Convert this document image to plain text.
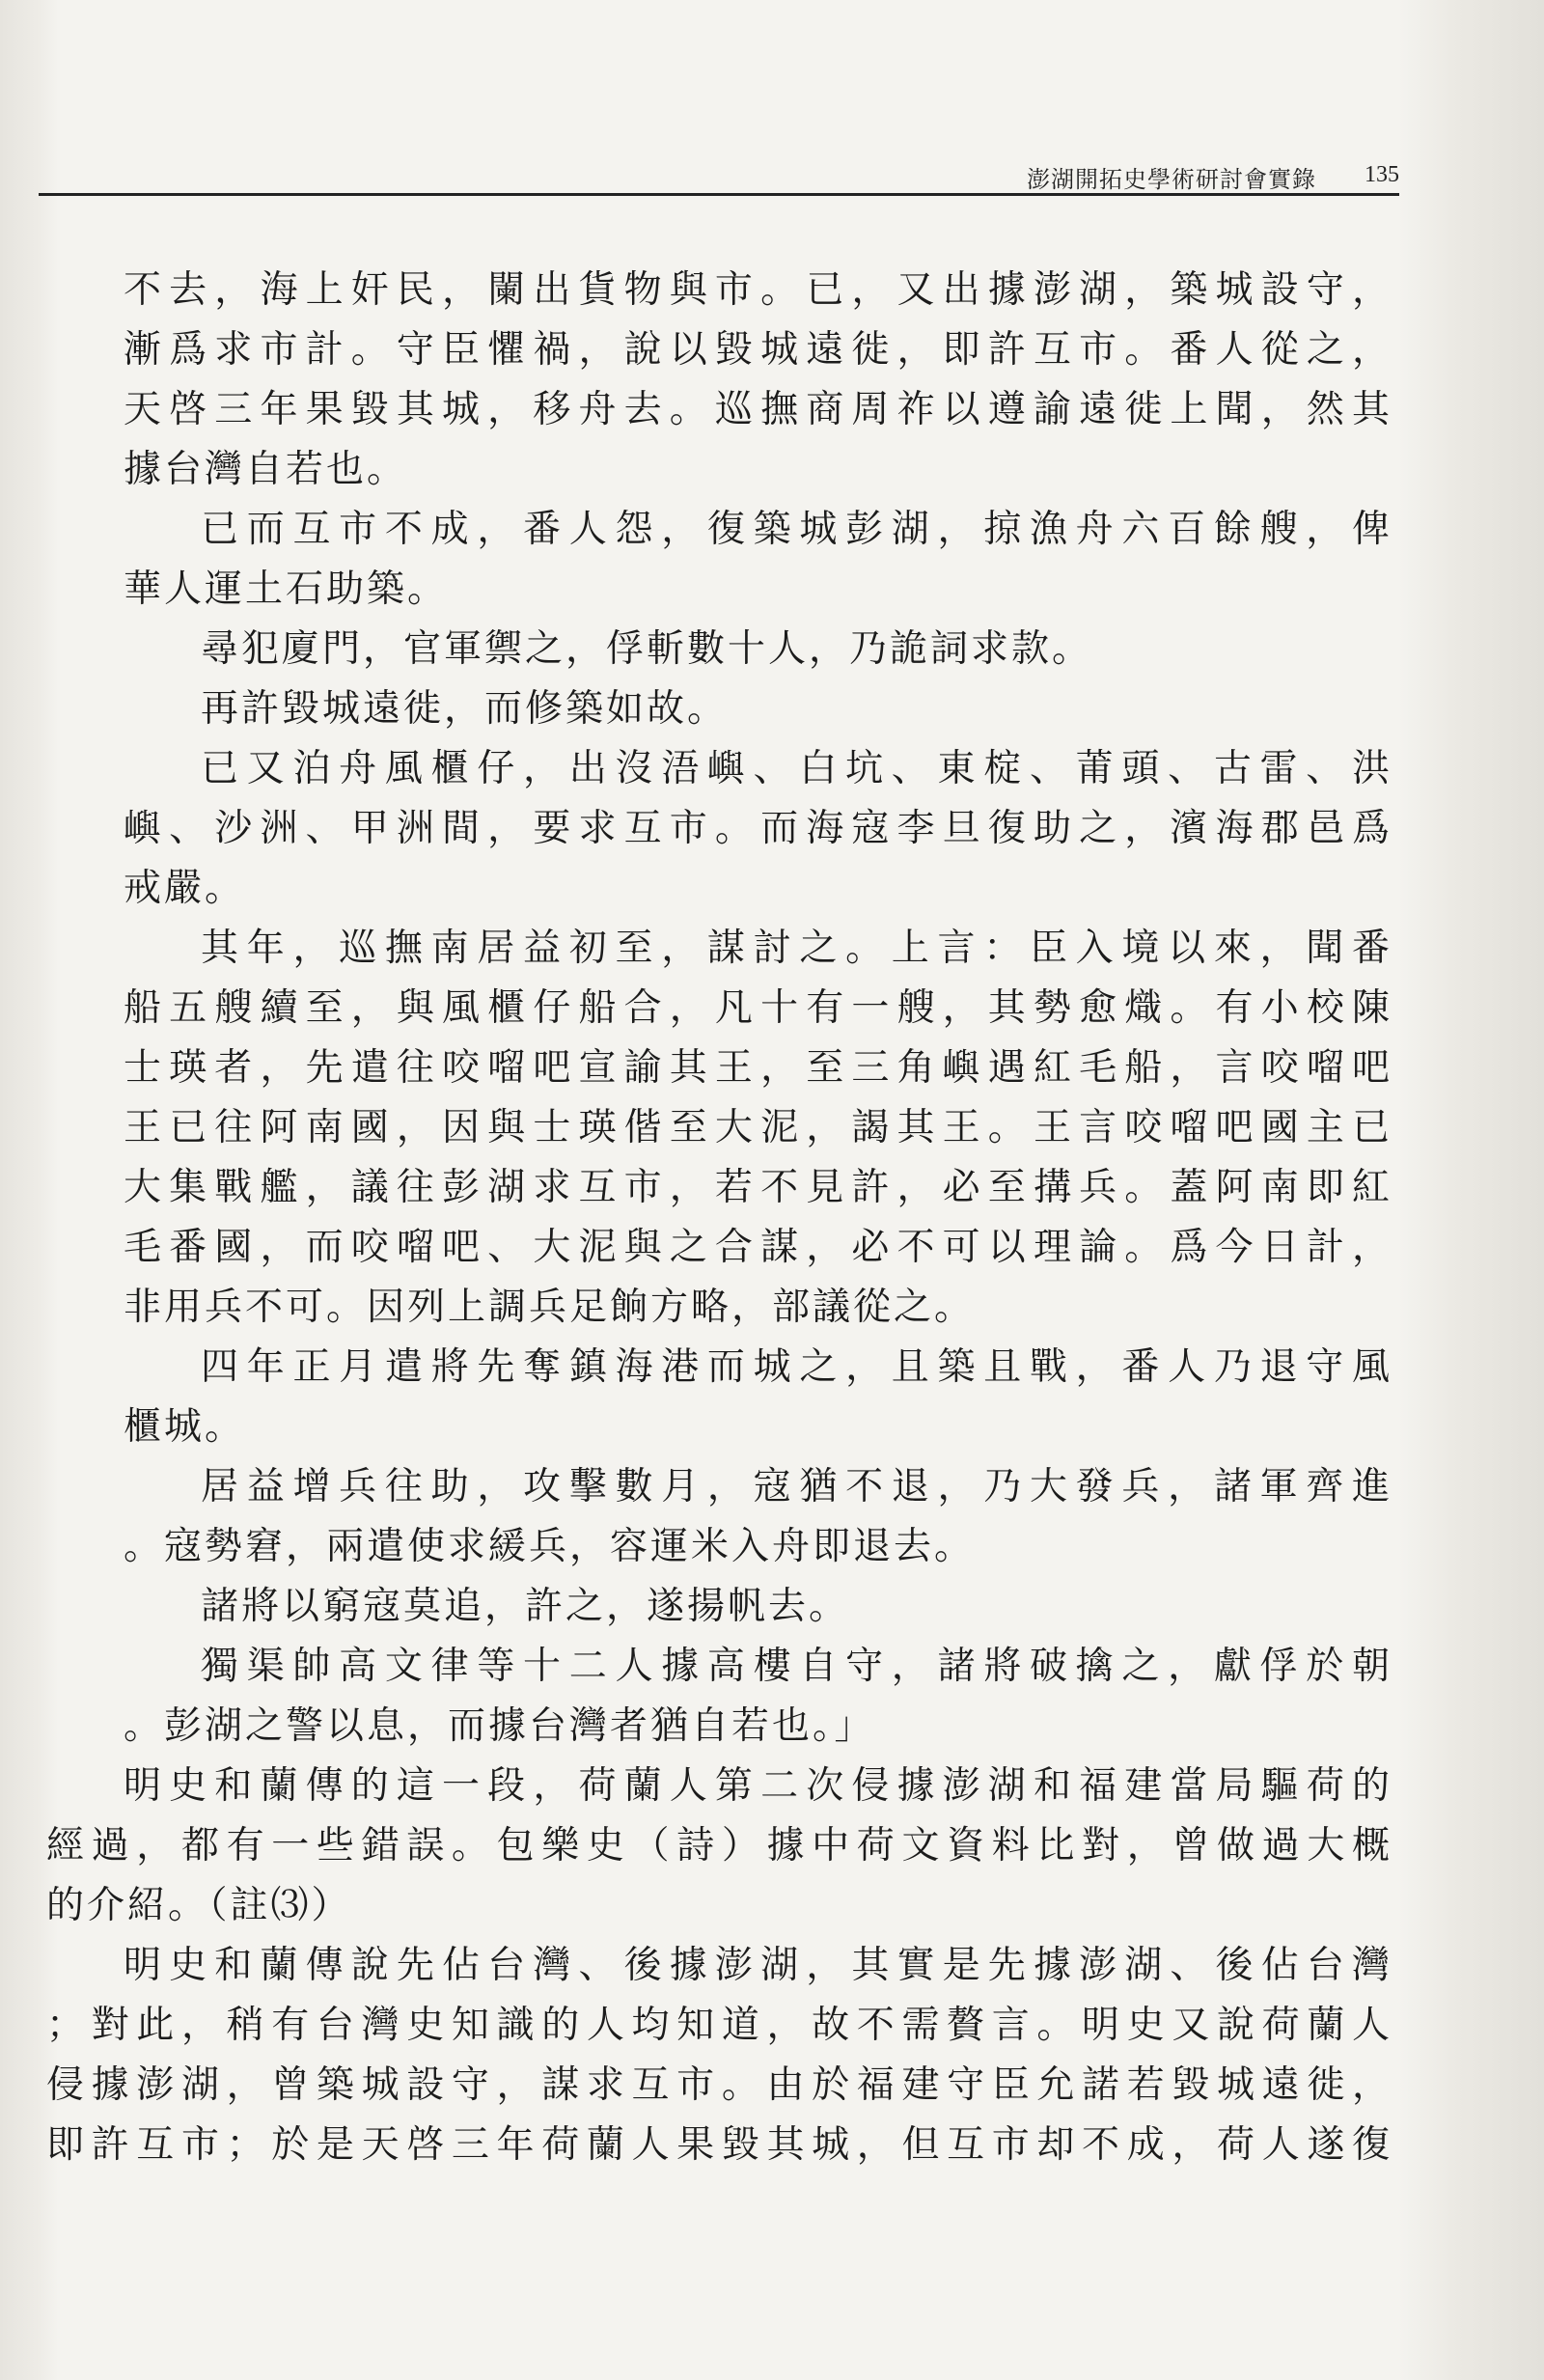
澎湖開拓史學術研討會實錄 135
不去，海上奸民，闌出貨物與市。已，又出據澎湖，築城設守，
漸爲求市計。守臣懼禍，說以毀城遠徙，即許互市。番人從之，
天啓三年果毀其城，移舟去。巡撫商周祚以遵諭遠徙上聞，然其
據台灣自若也。
已而互市不成，番人怨，復築城彭湖，掠漁舟六百餘艘，俾
華人運土石助築。
尋犯廈門，官軍禦之，俘斬數十人，乃詭詞求款。
再許毀城遠徙，而修築如故。
已又泊舟風櫃仔，出沒浯嶼、白坑、東椗、莆頭、古雷、洪
嶼、沙洲、甲洲間，要求互市。而海寇李旦復助之，濱海郡邑爲
戒嚴。
其年，巡撫南居益初至，謀討之。上言：臣入境以來，聞番
船五艘續至，與風櫃仔船合，凡十有一艘，其勢愈熾。有小校陳
士瑛者，先遣往咬𠺕吧宣諭其王，至三角嶼遇紅毛船，言咬𠺕吧
王已往阿南國，因與士瑛偕至大泥，謁其王。王言咬𠺕吧國主已
大集戰艦，議往彭湖求互市，若不見許，必至搆兵。蓋阿南即紅
毛番國，而咬𠺕吧、大泥與之合謀，必不可以理論。爲今日計，
非用兵不可。因列上調兵足餉方略，部議從之。
四年正月遣將先奪鎮海港而城之，且築且戰，番人乃退守風
櫃城。
居益增兵往助，攻擊數月，寇猶不退，乃大發兵，諸軍齊進
。寇勢窘，兩遣使求緩兵，容運米入舟即退去。
諸將以窮寇莫追，許之，遂揚帆去。
獨渠帥高文律等十二人據高樓自守，諸將破擒之，獻俘於朝
。彭湖之警以息，而據台灣者猶自若也。」
明史和蘭傳的這一段，荷蘭人第二次侵據澎湖和福建當局驅荷的
經過，都有一些錯誤。包樂史（詩）據中荷文資料比對，曾做過大概
的介紹。（註⑶）
明史和蘭傳說先佔台灣、後據澎湖，其實是先據澎湖、後佔台灣
；對此，稍有台灣史知識的人均知道，故不需贅言。明史又說荷蘭人
侵據澎湖，曾築城設守，謀求互市。由於福建守臣允諾若毀城遠徙，
即許互市；於是天啓三年荷蘭人果毀其城，但互市却不成，荷人遂復
